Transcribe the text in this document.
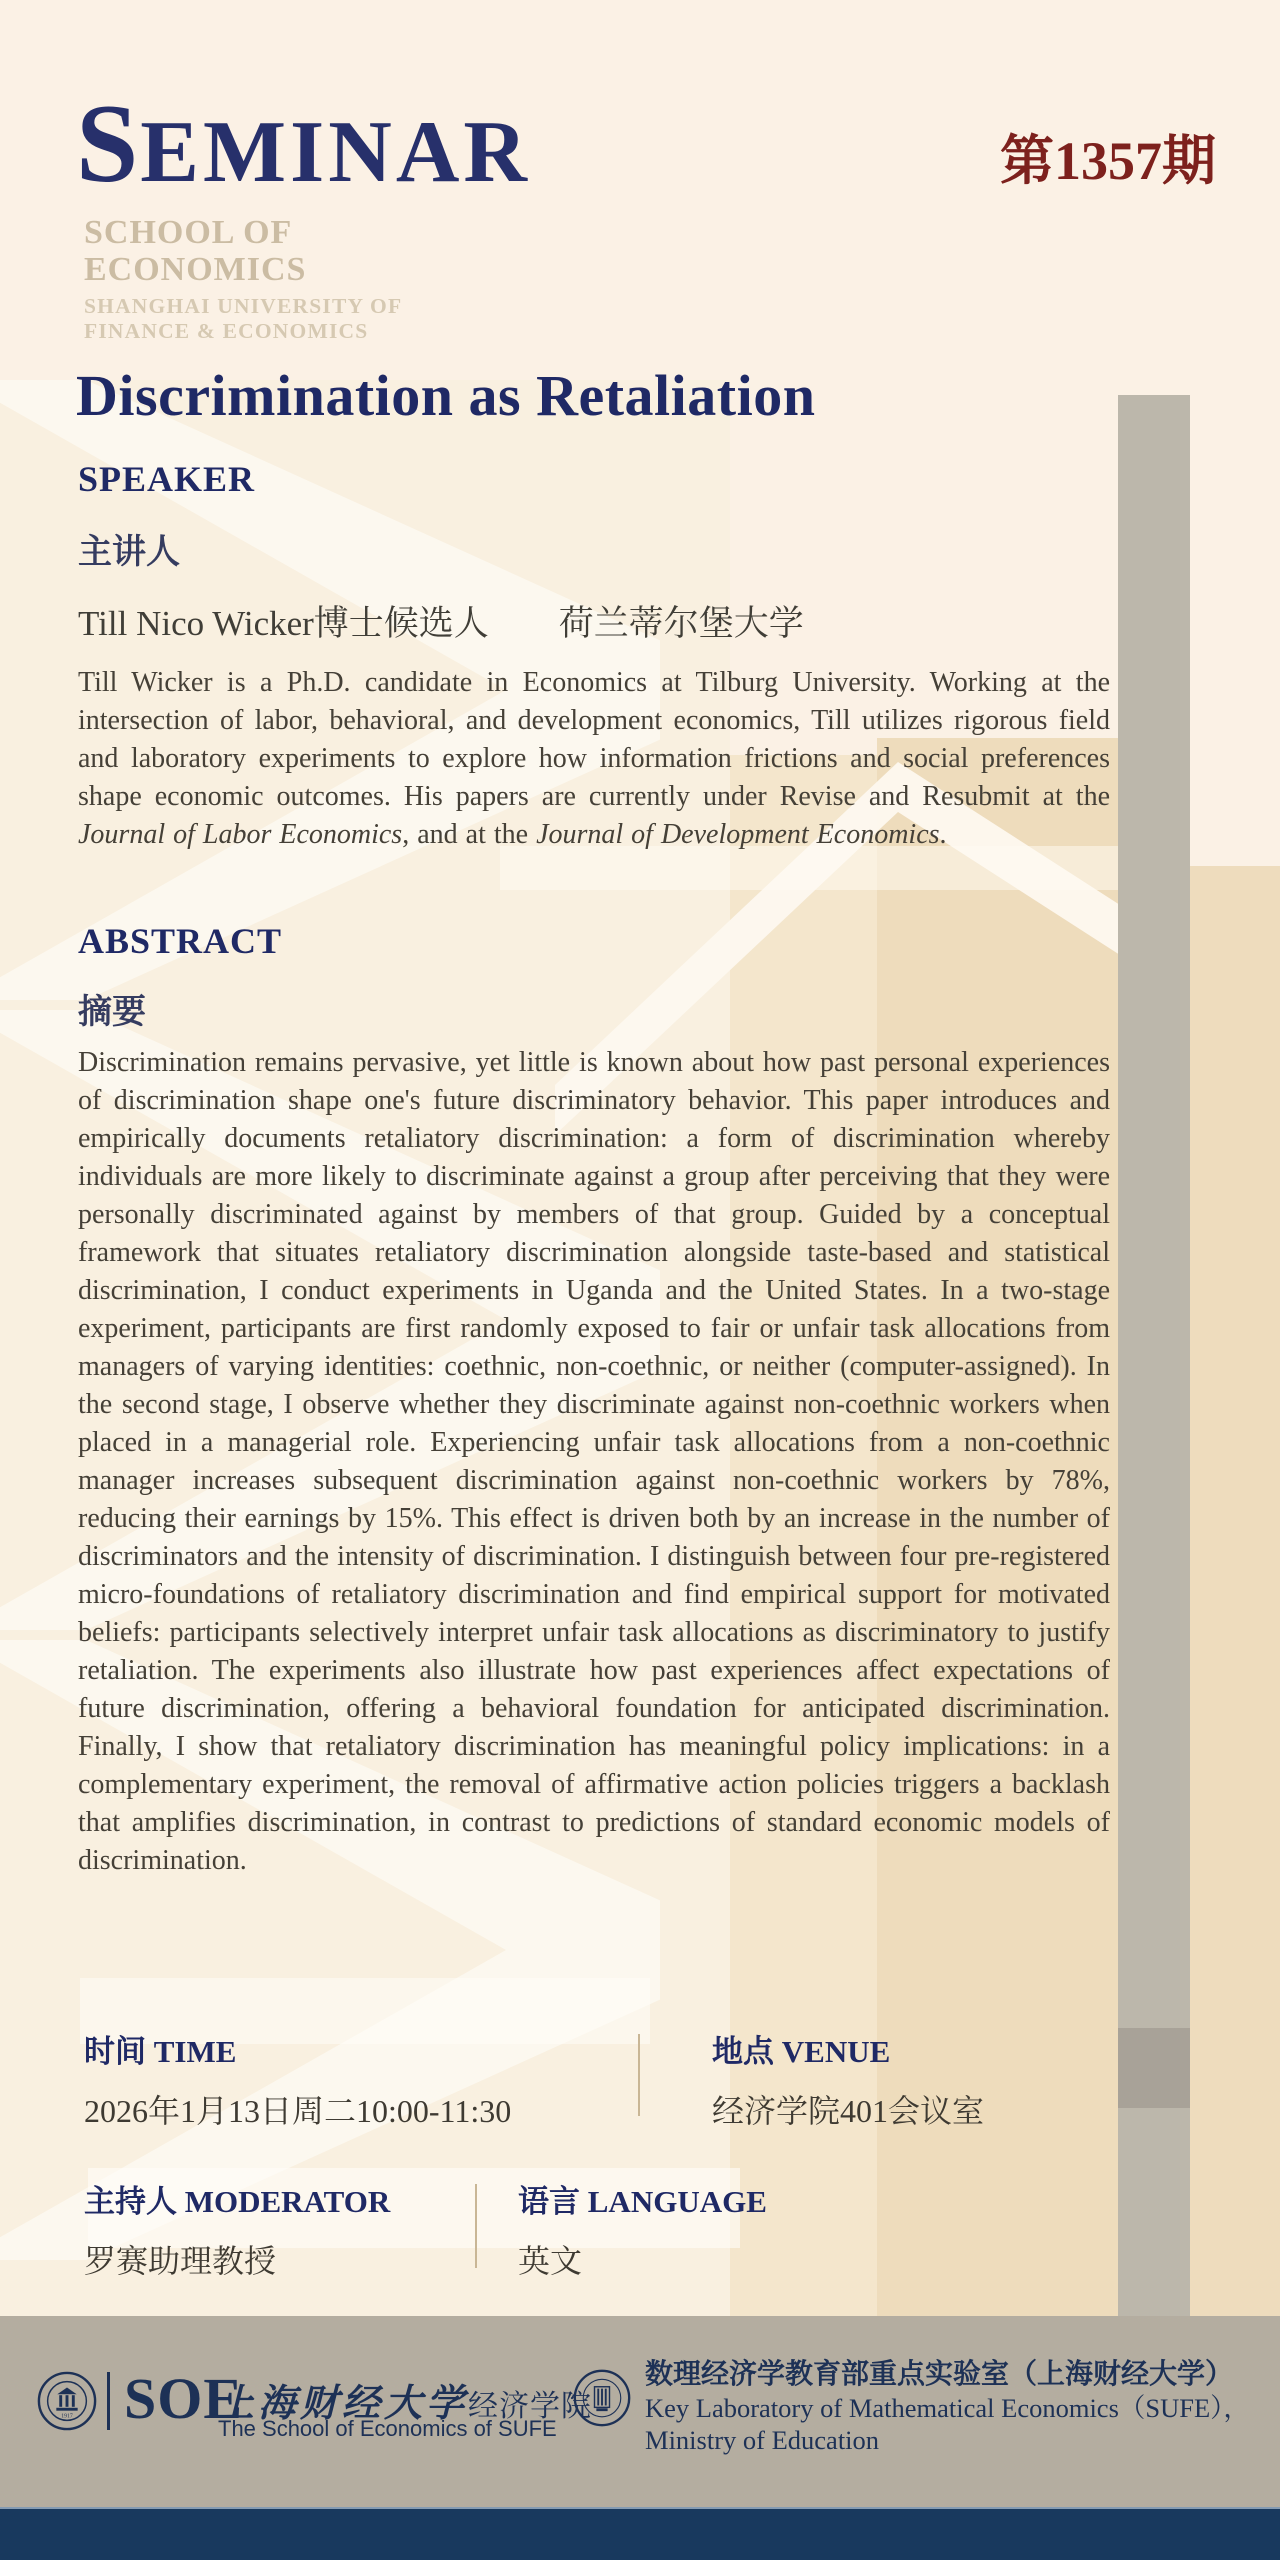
SEMINAR	第1357期
SCHOOL OF
ECONOMICS
SHANGHAI UNIVERSITY OF
FINANCE & ECONOMICS
Discrimination as Retaliation
SPEAKER
主讲人
Till Nico Wicker博士候选人　　荷兰蒂尔堡大学
Till Wicker is a Ph.D. candidate in Economics at Tilburg University. Working at the intersection of labor, behavioral, and development economics, Till utilizes rigorous field and laboratory experiments to explore how information frictions and social preferences shape economic outcomes. His papers are currently under Revise and Resubmit at the Journal of Labor Economics, and at the Journal of Development Economics.
ABSTRACT
摘要
Discrimination remains pervasive, yet little is known about how past personal experiences of discrimination shape one's future discriminatory behavior. This paper introduces and empirically documents retaliatory discrimination: a form of discrimination whereby individuals are more likely to discriminate against a group after perceiving that they were personally discriminated against by members of that group. Guided by a conceptual framework that situates retaliatory discrimination alongside taste-based and statistical discrimination, I conduct experiments in Uganda and the United States. In a two-stage experiment, participants are first randomly exposed to fair or unfair task allocations from managers of varying identities: coethnic, non-coethnic, or neither (computer-assigned). In the second stage, I observe whether they discriminate against non-coethnic workers when placed in a managerial role. Experiencing unfair task allocations from a non-coethnic manager increases subsequent discrimination against non-coethnic workers by 78%, reducing their earnings by 15%. This effect is driven both by an increase in the number of discriminators and the intensity of discrimination. I distinguish between four pre-registered micro-foundations of retaliatory discrimination and find empirical support for motivated beliefs: participants selectively interpret unfair task allocations as discriminatory to justify retaliation. The experiments also illustrate how past experiences affect expectations of future discrimination, offering a behavioral foundation for anticipated discrimination. Finally, I show that retaliatory discrimination has meaningful policy implications: in a complementary experiment, the removal of affirmative action policies triggers a backlash that amplifies discrimination, in contrast to predictions of standard economic models of discrimination.
时间 TIME	地点 VENUE
2026年1月13日周二10:00-11:30	经济学院401会议室
主持人 MODERATOR	语言 LANGUAGE
罗赛助理教授	英文
1917 SOE
上海财经大学经济学院
The School of Economics of SUFE
数理经济学教育部重点实验室（上海财经大学）
Key Laboratory of Mathematical Economics（SUFE），
Ministry of Education
